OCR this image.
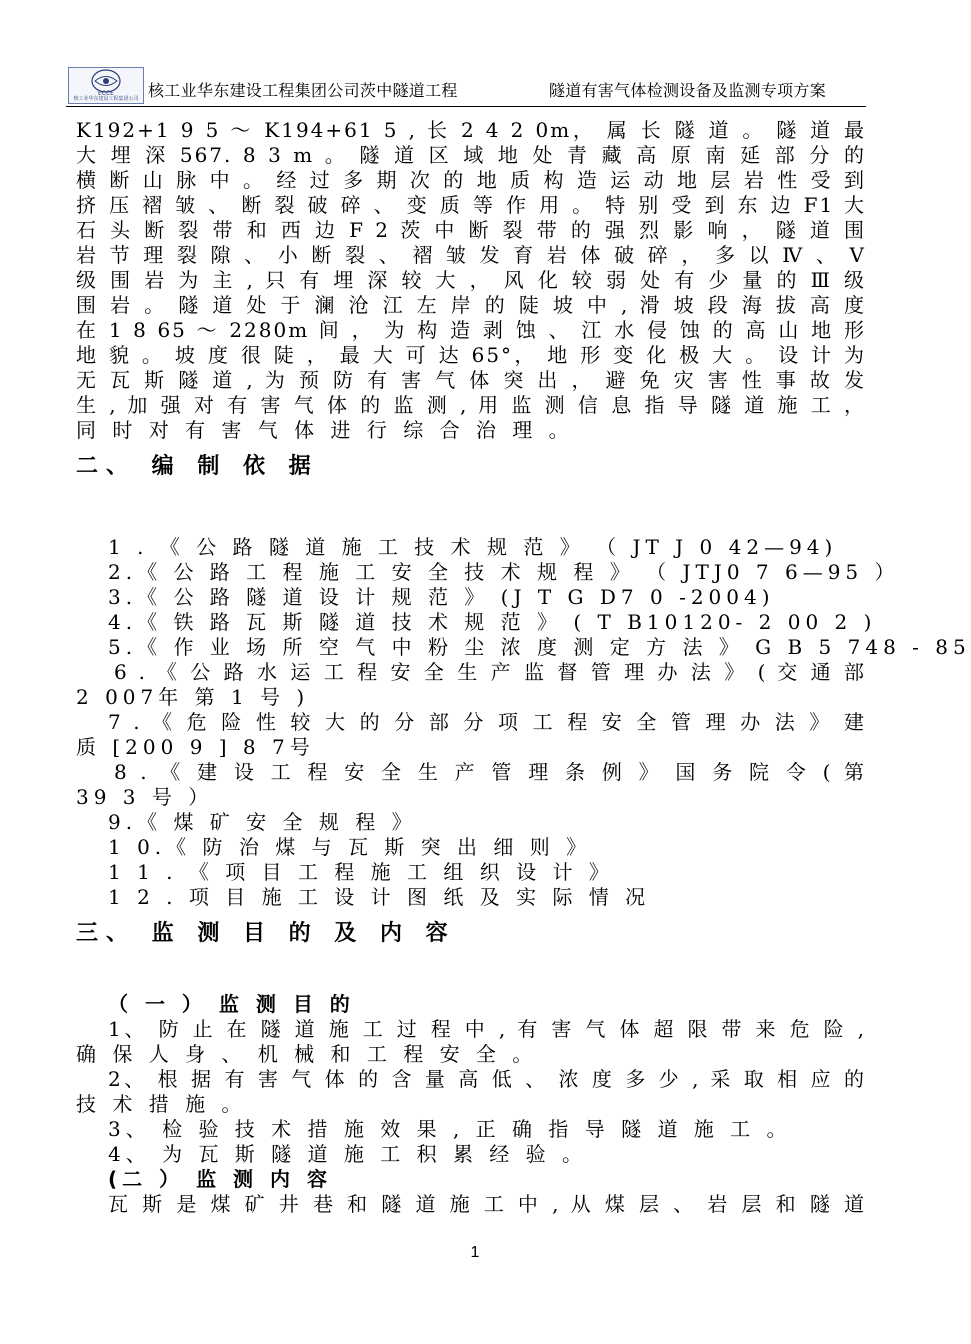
ECCE
核工业华东建设工程集团公司 核工业华东建设工程集团公司茨中隧道工程	隧道有害气体检测设备及监测专项方案
K192+1 9 5 ～ K194+61 5 , 长 2 4 2 0m， 属 长 隧 道 。 隧 道 最
大 埋 深 567. 8 3 m 。 隧 道 区 域 地 处 青 藏 高 原 南 延 部 分 的
横 断 山 脉 中 。 经 过 多 期 次 的 地 质 构 造 运 动 地 层 岩 性 受 到
挤 压 褶 皱 、 断 裂 破 碎 、 变 质 等 作 用 。 特 别 受 到 东 边 F1 大
石 头 断 裂 带 和 西 边 F 2 茨 中 断 裂 带 的 强 烈 影 响 ， 隧 道 围
岩 节 理 裂 隙 、 小 断 裂 、 褶 皱 发 育 岩 体 破 碎 ， 多 以 Ⅳ 、 Ⅴ
级 围 岩 为 主 , 只 有 埋 深 较 大 ， 风 化 较 弱 处 有 少 量 的 Ⅲ 级
围 岩 。 隧 道 处 于 澜 沧 江 左 岸 的 陡 坡 中 , 滑 坡 段 海 拔 高 度
在 1 8 65 ～ 2280m 间 ， 为 构 造 剥 蚀 、 江 水 侵 蚀 的 高 山 地 形
地 貌 。 坡 度 很 陡 ， 最 大 可 达 65°， 地 形 变 化 极 大 。 设 计 为
无 瓦 斯 隧 道 , 为 预 防 有 害 气 体 突 出 ， 避 免 灾 害 性 事 故 发
生 , 加 强 对 有 害 气 体 的 监 测 , 用 监 测 信 息 指 导 隧 道 施 工 ，
同 时 对 有 害 气 体 进 行 综 合 治 理 。
二、 编 制 依 据
1 . 《 公 路 隧 道 施 工 技 术 规 范 》 （ JT J 0 42—94)
2.《 公 路 工 程 施 工 安 全 技 术 规 程 》 （ JTJ0 7 6—95 ）
3.《 公 路 隧 道 设 计 规 范 》 (J T G D7 0 -2004)
4.《 铁 路 瓦 斯 隧 道 技 术 规 范 》 ( T B10120- 2 00 2 )
5.《 作 业 场 所 空 气 中 粉 尘 浓 度 测 定 方 法 》 G B 5 748 - 85
6 . 《 公 路 水 运 工 程 安 全 生 产 监 督 管 理 办 法 》 ( 交 通 部
2 007年 第 1 号 )
7 . 《 危 险 性 较 大 的 分 部 分 项 工 程 安 全 管 理 办 法 》 建
质 [200 9 ] 8 7号
8 . 《 建 设 工 程 安 全 生 产 管 理 条 例 》 国 务 院 令 ( 第
39 3 号 ）
9.《 煤 矿 安 全 规 程 》
1 0.《 防 治 煤 与 瓦 斯 突 出 细 则 》
1 1 . 《 项 目 工 程 施 工 组 织 设 计 》
1 2 . 项 目 施 工 设 计 图 纸 及 实 际 情 况
三、 监 测 目 的 及 内 容
（ 一 ） 监 测 目 的
1、 防 止 在 隧 道 施 工 过 程 中 , 有 害 气 体 超 限 带 来 危 险 ,
确 保 人 身 、 机 械 和 工 程 安 全 。
2、 根 据 有 害 气 体 的 含 量 高 低 、 浓 度 多 少 , 采 取 相 应 的
技 术 措 施 。
3、 检 验 技 术 措 施 效 果 , 正 确 指 导 隧 道 施 工 。
4、 为 瓦 斯 隧 道 施 工 积 累 经 验 。
(二 ） 监 测 内 容
瓦 斯 是 煤 矿 井 巷 和 隧 道 施 工 中 , 从 煤 层 、 岩 层 和 隧 道
1
